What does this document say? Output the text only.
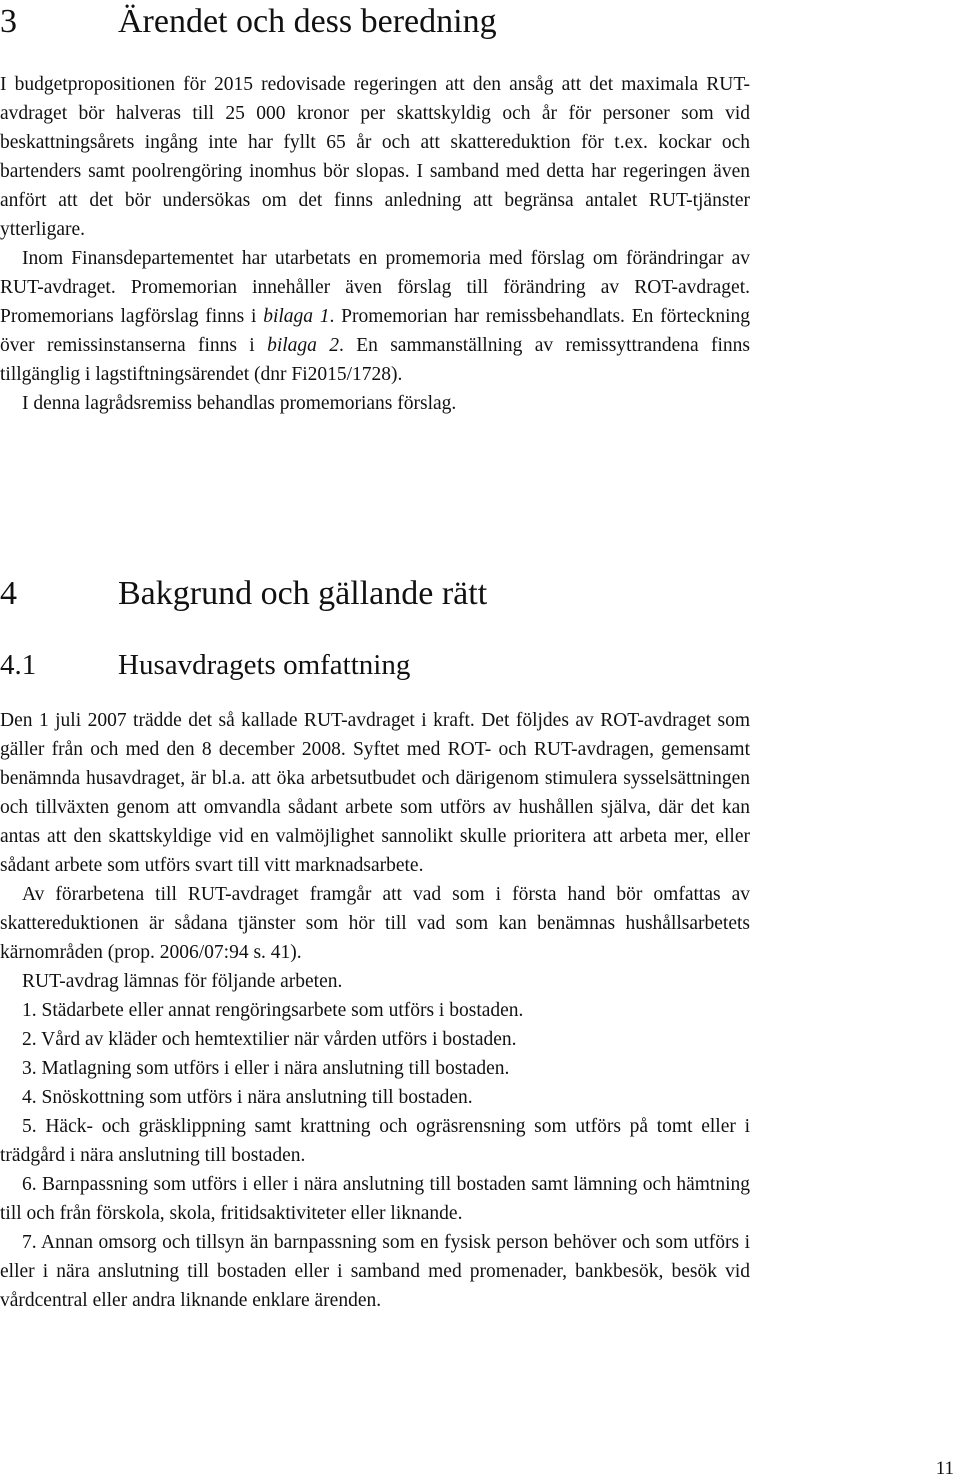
3	Ärendet och dess beredning

I budgetpropositionen för 2015 redovisade regeringen att den ansåg att det maximala RUT-avdraget bör halveras till 25 000 kronor per skattskyldig och år för personer som vid beskattningsårets ingång inte har fyllt 65 år och att skattereduktion för t.ex. kockar och bartenders samt poolrengöring inomhus bör slopas. I samband med detta har regeringen även anfört att det bör undersökas om det finns anledning att begränsa antalet RUT-tjänster ytterligare.

Inom Finansdepartementet har utarbetats en promemoria med förslag om förändringar av RUT-avdraget. Promemorian innehåller även förslag till förändring av ROT-avdraget. Promemorians lagförslag finns i bilaga 1. Promemorian har remissbehandlats. En förteckning över remissinstanserna finns i bilaga 2. En sammanställning av remissyttrandena finns tillgänglig i lagstiftningsärendet (dnr Fi2015/1728).

I denna lagrådsremiss behandlas promemorians förslag.

4	Bakgrund och gällande rätt
4.1	Husavdragets omfattning

Den 1 juli 2007 trädde det så kallade RUT-avdraget i kraft. Det följdes av ROT-avdraget som gäller från och med den 8 december 2008. Syftet med ROT- och RUT-avdragen, gemensamt benämnda husavdraget, är bl.a. att öka arbetsutbudet och därigenom stimulera sysselsättningen och tillväxten genom att omvandla sådant arbete som utförs av hushållen själva, där det kan antas att den skattskyldige vid en valmöjlighet sannolikt skulle prioritera att arbeta mer, eller sådant arbete som utförs svart till vitt marknadsarbete.

Av förarbetena till RUT-avdraget framgår att vad som i första hand bör omfattas av skattereduktionen är sådana tjänster som hör till vad som kan benämnas hushållsarbetets kärnområden (prop. 2006/07:94 s. 41).

RUT-avdrag lämnas för följande arbeten.

1. Städarbete eller annat rengöringsarbete som utförs i bostaden.
2. Vård av kläder och hemtextilier när vården utförs i bostaden.
3. Matlagning som utförs i eller i nära anslutning till bostaden.
4. Snöskottning som utförs i nära anslutning till bostaden.
5. Häck- och gräsklippning samt krattning och ogräsrensning som utförs på tomt eller i trädgård i nära anslutning till bostaden.
6. Barnpassning som utförs i eller i nära anslutning till bostaden samt lämning och hämtning till och från förskola, skola, fritidsaktiviteter eller liknande.
7. Annan omsorg och tillsyn än barnpassning som en fysisk person behöver och som utförs i eller i nära anslutning till bostaden eller i samband med promenader, bankbesök, besök vid vårdcentral eller andra liknande enklare ärenden.
11
